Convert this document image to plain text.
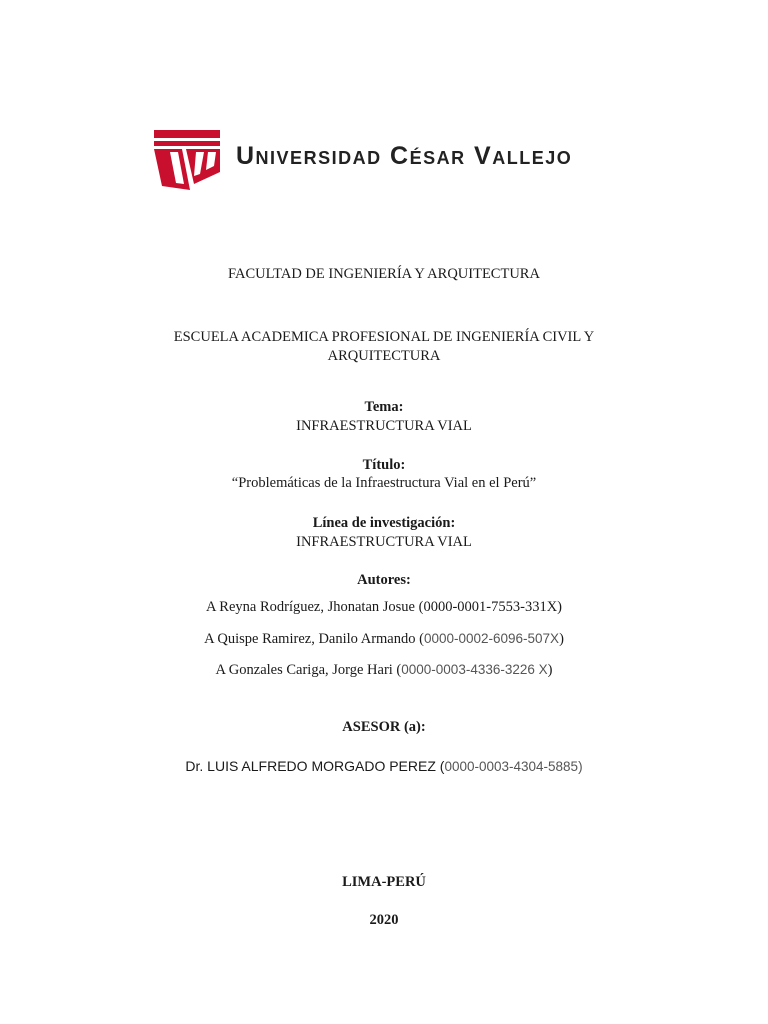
Universidad César Vallejo
FACULTAD DE INGENIERÍA Y ARQUITECTURA
ESCUELA ACADEMICA PROFESIONAL DE INGENIERÍA CIVIL Y
ARQUITECTURA
Tema:
INFRAESTRUCTURA VIAL
Título:
“Problemáticas de la Infraestructura Vial en el Perú”
Línea de investigación:
INFRAESTRUCTURA VIAL
Autores:
A Reyna Rodríguez, Jhonatan Josue (0000-0001-7553-331X)
A Quispe Ramirez, Danilo Armando (0000-0002-6096-507X)
A Gonzales Cariga, Jorge Hari (0000-0003-4336-3226 X)
ASESOR (a):
Dr. LUIS ALFREDO MORGADO PEREZ (0000-0003-4304-5885)
LIMA-PERÚ
2020
